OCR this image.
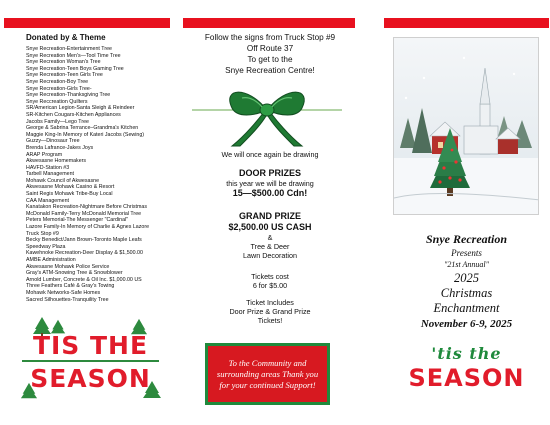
Donated by & Theme
Snye Recreation-Entertainment Tree
Snye Recreation Men's—Tool Time Tree
Snye Recreation Woman's Tree
Snye Recreation-Teen Boys Gaming Tree
Snye Recreation-Teen Girls Tree
Snye Recreation-Boy Tree
Snye Recreation-Girls Tree-
Snye Recreation-Thanksgiving Tree
Snye Reccreation Quilters
SR/American Legion-Santa Sleigh & Reindeer
SR-Kitchen Cougars-Kitchen Appliances
Jacobs Family—Lego Tree
George & Sabrina Terrance–Grandma's Kitchen
Maggie King-In Memory of Kateri Jacobs (Sewing)
Guzzy—Dinosaur Tree
Brenda Lafrance-Jakes Joys
ARAP Program
Akwesasne Homemakers
HAVFD-Station #3
Tarbell Management
Mohawk Council of Akwesasne
Akwesasne Mohawk Casino & Resort
Saint Regis Mohawk Tribe-Buy Local
CAA Management
Kanatakon Recreation-Nightmare Before Christmas
McDonald Family-Terry McDonald Memorial Tree
Peters Memorial-The Messenger "Cardinal"
Lazore Family-In Memory of Charlie & Agnes Lazore
Truck Stop #9
Becky Benedict/Jann Brown-Toronto Maple Leafs
Speedway Plaza
Kawehnoke Recreation-Deer Display & $1,500.00
AMBE Administration
Akwesasne Mohawk Police Service
Gray's ATM-Snowing Tree & Snowblower
Arnold Lumber, Concrete & Oil Inc. $1,000.00 US
Three Feathers Café & Gray's Towing
Mohawk Networks-Safe Homes
Sacred Silhouettes-Tranquility Tree
TIS THE
SEASON
Follow the signs from Truck Stop #9
Off Route 37
To get to the
Snye Recreation Centre!
We will once again be drawing
DOOR PRIZES
this year we will be drawing
15—$500.00 Cdn!
GRAND PRIZE
$2,500.00 US CASH
&
Tree & Deer
Lawn Decoration
Tickets cost
6 for $5.00
Ticket Includes
Door Prize & Grand Prize
Tickets!
To the Community and surrounding areas Thank you for your continued Support!
Snye Recreation
Presents
"21st Annual"
2025
Christmas
Enchantment
November 6-9, 2025
'tis the
SEASON
